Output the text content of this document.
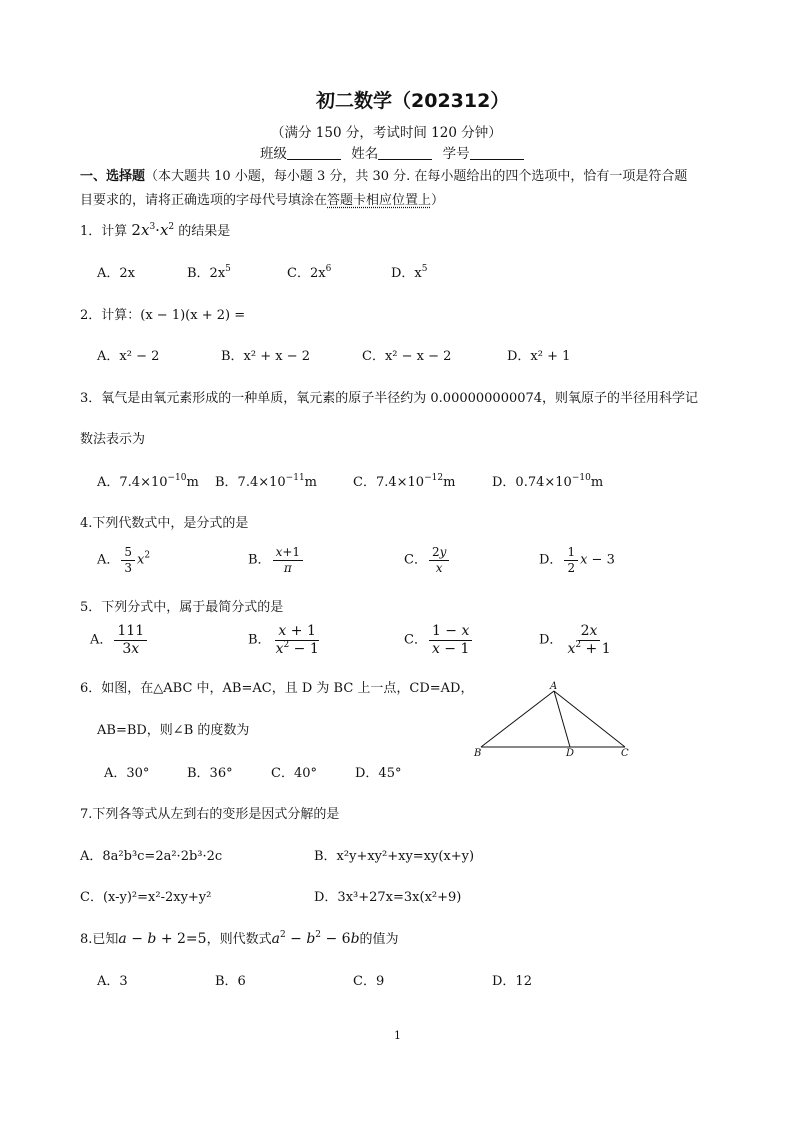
初二数学（202312）
（满分 150 分，考试时间 120 分钟）
班级	姓名	学号
一、选择题（本大题共 10 小题，每小题 3 分，共 30 分. 在每小题给出的四个选项中，恰有一项是符合题
目要求的，请将正确选项的字母代号填涂在答题卡相应位置上）
1．计算 $2x^3\cdot x^2$ 的结果是
A．2x	B．$2x^5$	C．$2x^6$	D．$x^5$
2．计算：(x − 1)(x + 2) =
A．x² − 2	B．x² + x − 2	C．x² − x − 2	D．x² + 1
3．氧气是由氧元素形成的一种单质，氧元素的原子半径约为 0.000000000074，则氧原子的半径用科学记
数法表示为
A．$7.4\times 10^{-10}m$ B．$7.4\times 10^{-11}m$	C．$7.4\times 10^{-12}m$	D．$0.74\times 10^{-10}m$
4.下列代数式中，是分式的是
A． $\frac{5}{3} x^2$	B． $\frac{x+1}{\pi}$	C． $\frac{2y}{x}$	D． $\frac{1}{2}$ x − 3
5．下列分式中，属于最简分式的是
A． $\frac{111}{3x}$	B． $\frac{x + 1}{x^2 - 1}$	C． $\frac{1 - x}{x - 1}$	D． $\frac{2x}{x^2 + 1}$
6．如图，在△ABC 中，AB=AC，且 D 为 BC 上一点，CD=AD，
AB=BD，则∠B 的度数为
A．30°	B．36°	C．40°	D．45°
A
B	D	C
7.下列各等式从左到右的变形是因式分解的是
A．8a²b³c=2a²·2b³·2c	B．x²y+xy²+xy=xy(x+y)
C．(x-y)²=x²-2xy+y²	D．3x³+27x=3x(x²+9)
8.已知a − b + 2=5，则代数式$a^2 - b^2 - 6b$的值为
A．3	B．6	C．9	D．12
1
